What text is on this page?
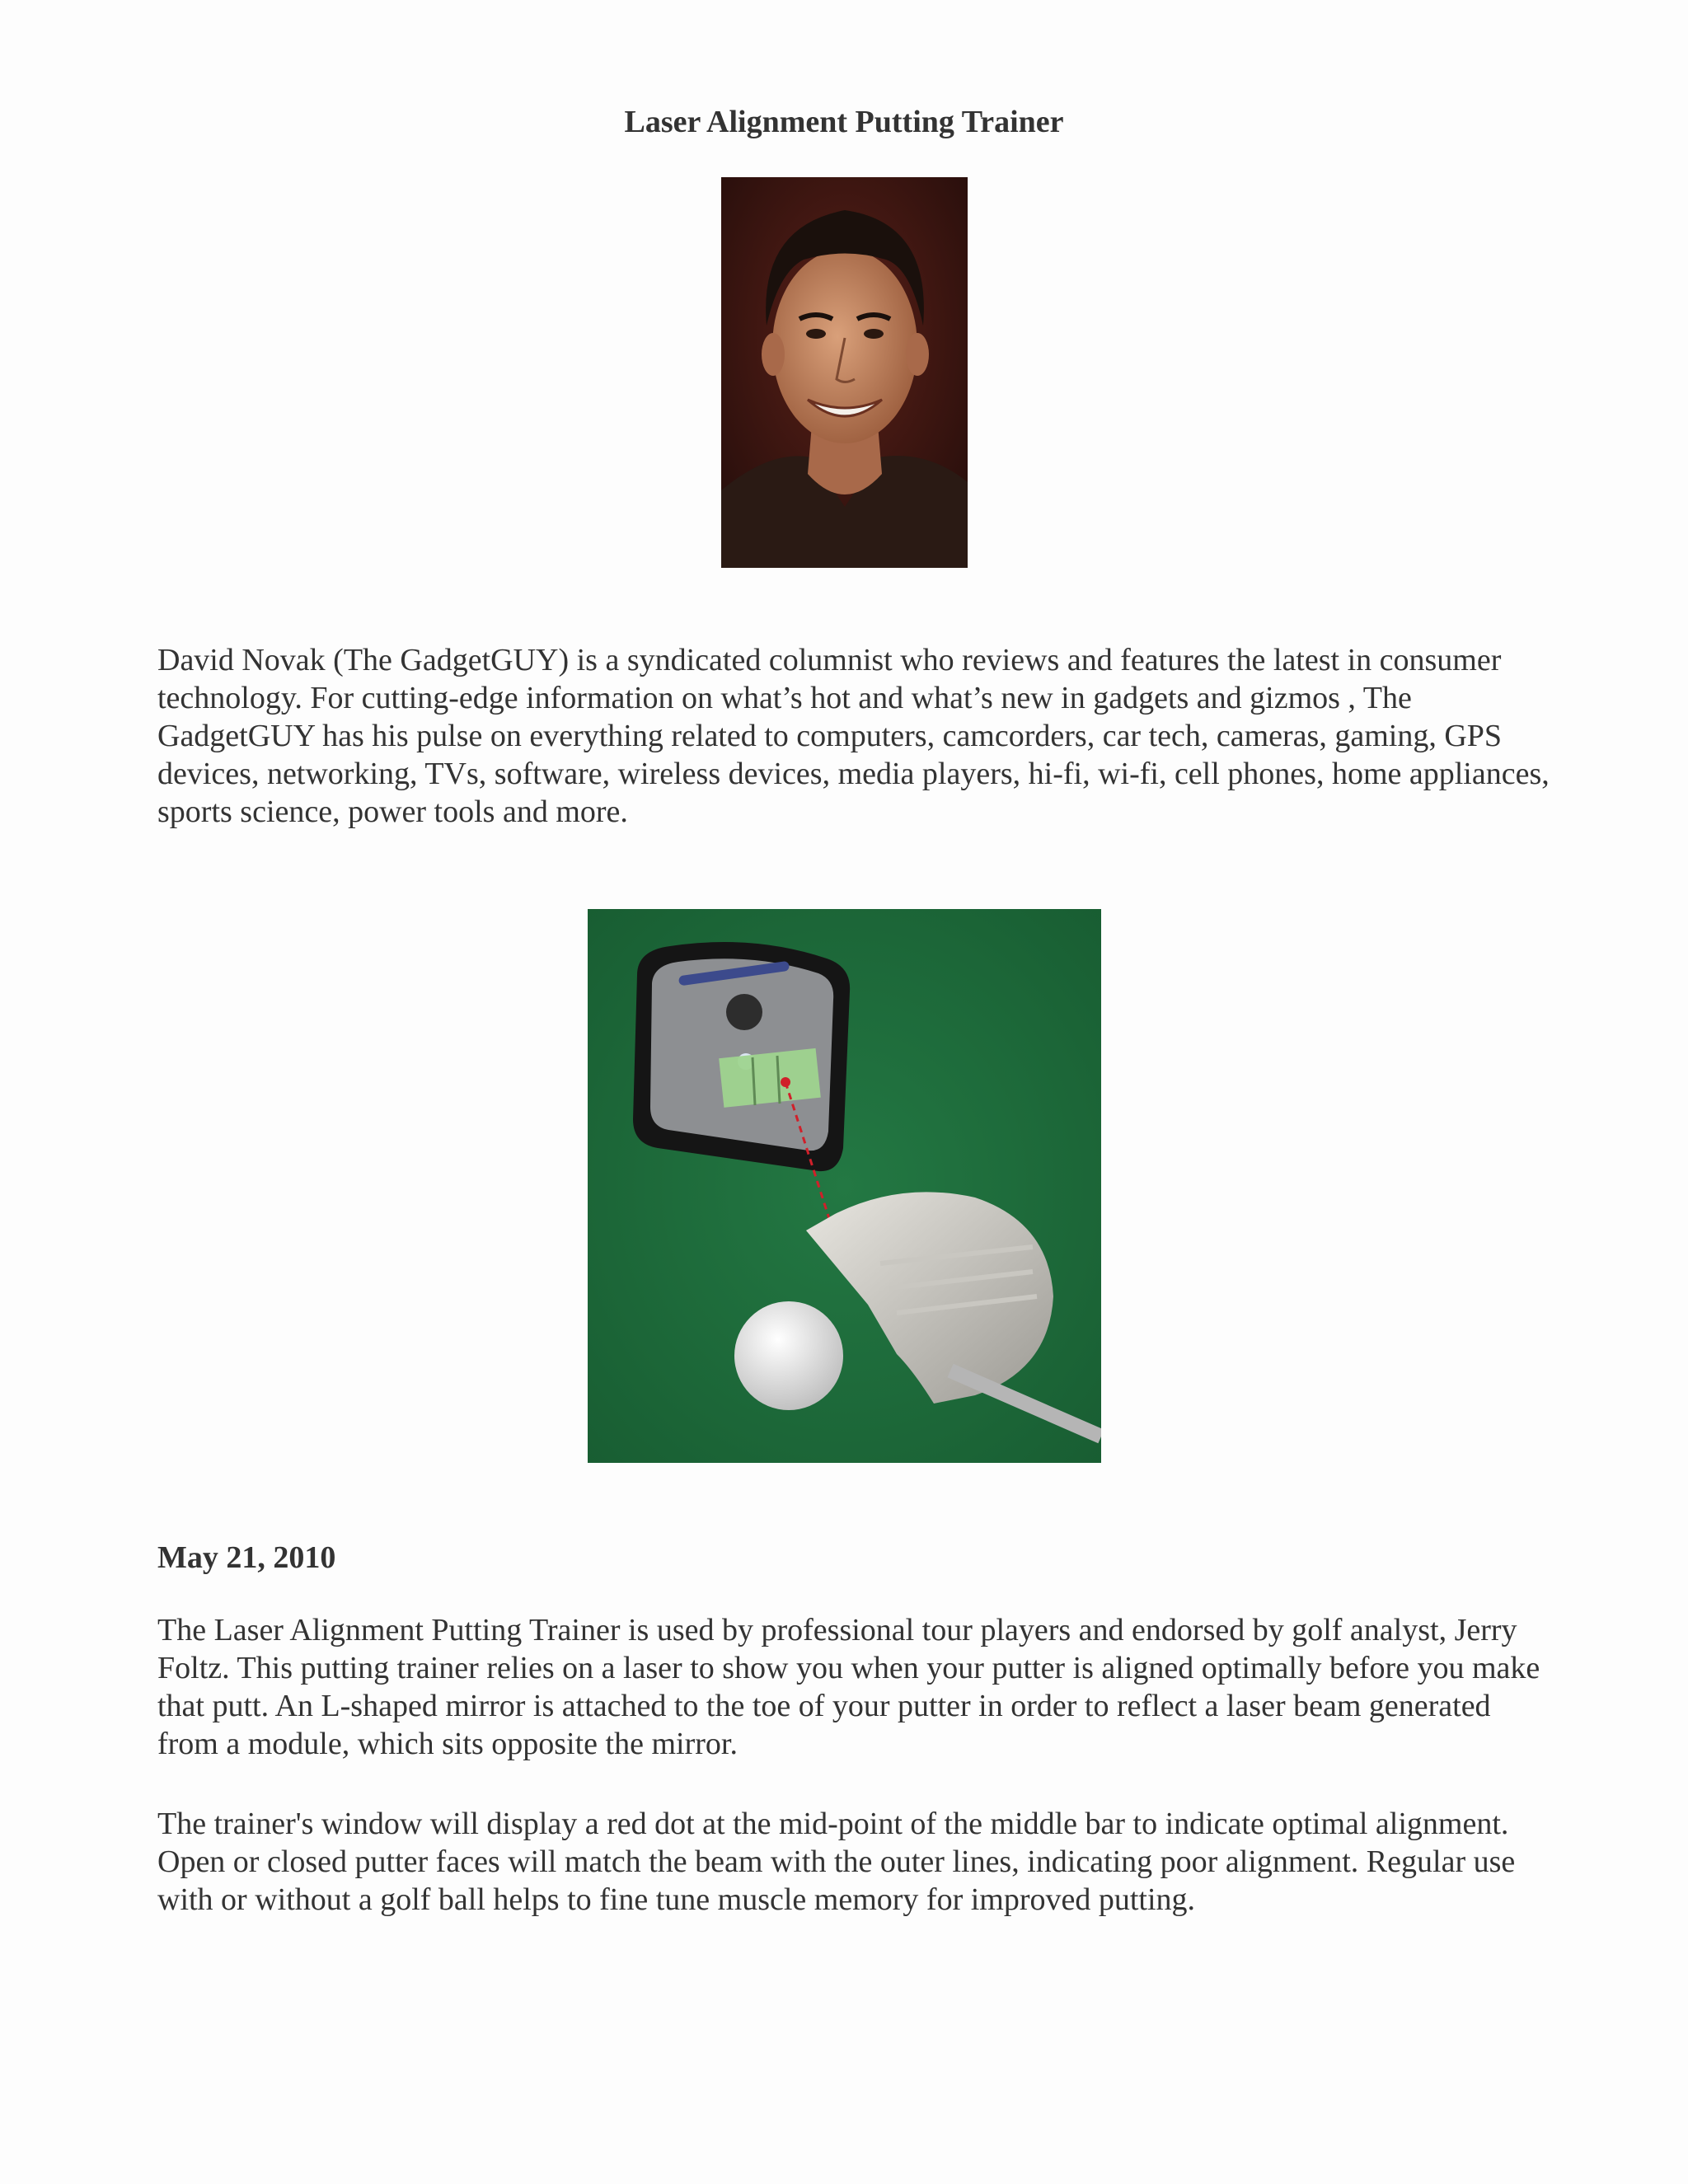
Laser Alignment Putting Trainer

David Novak (The GadgetGUY) is a syndicated columnist who reviews and features the latest in consumer technology. For cutting-edge information on what’s hot and what’s new in gadgets and gizmos , The GadgetGUY has his pulse on everything related to computers, camcorders, car tech, cameras, gaming, GPS devices, networking, TVs, software, wireless devices, media players, hi-fi, wi-fi, cell phones, home appliances, sports science, power tools and more.

May 21, 2010

The Laser Alignment Putting Trainer is used by professional tour players and endorsed by golf analyst, Jerry Foltz. This putting trainer relies on a laser to show you when your putter is aligned optimally before you make that putt. An L-shaped mirror is attached to the toe of your putter in order to reflect a laser beam generated from a module, which sits opposite the mirror.

The trainer's window will display a red dot at the mid-point of the middle bar to indicate optimal alignment. Open or closed putter faces will match the beam with the outer lines, indicating poor alignment. Regular use with or without a golf ball helps to fine tune muscle memory for improved putting.
